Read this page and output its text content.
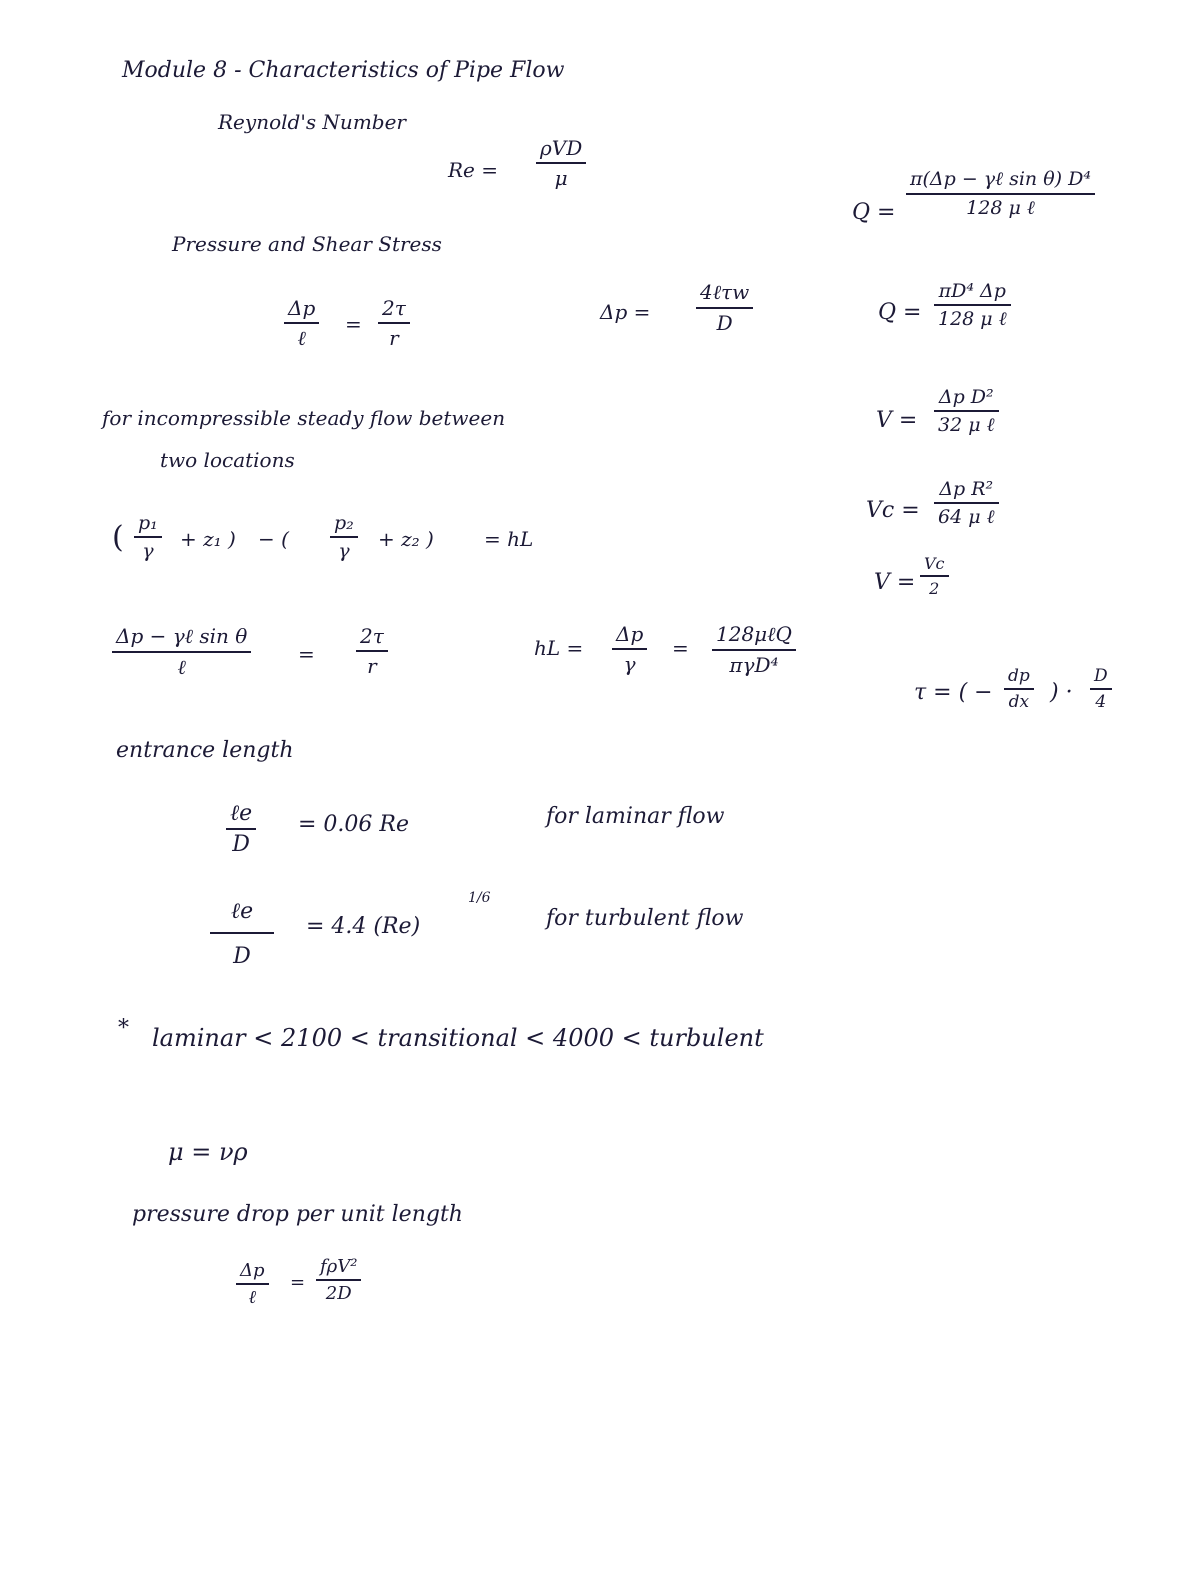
Module 8 - Characteristics of Pipe Flow
Reynold's Number
Re =
ρVD
μ
Pressure and Shear Stress
Δp
ℓ
=
2τ
r
Δp =
4ℓτw
D
for incompressible steady flow between
two locations
( p₁
γ + z₁ ) − (
p₂
γ + z₂ )	= hL
Δp − γℓ sin θ
ℓ
=
2τ
r
hL =
Δp
γ
=
128μℓQ
πγD⁴
entrance length
ℓe
D
= 0.06 Re	for laminar flow
ℓe
D
= 4.4 (Re)
1/6
for turbulent flow
* laminar < 2100 < transitional < 4000 < turbulent
μ = νρ
pressure drop per unit length
Δp
ℓ
=
fρV²
2D
Q =
π(Δp − γℓ sin θ) D⁴
128 μ ℓ
Q =
πD⁴ Δp
128 μ ℓ
V =
Δp D²
32 μ ℓ
Vc =
Δp R²
64 μ ℓ
V =
Vc
2
τ = ( −
dp
dx ) ·
D
4
